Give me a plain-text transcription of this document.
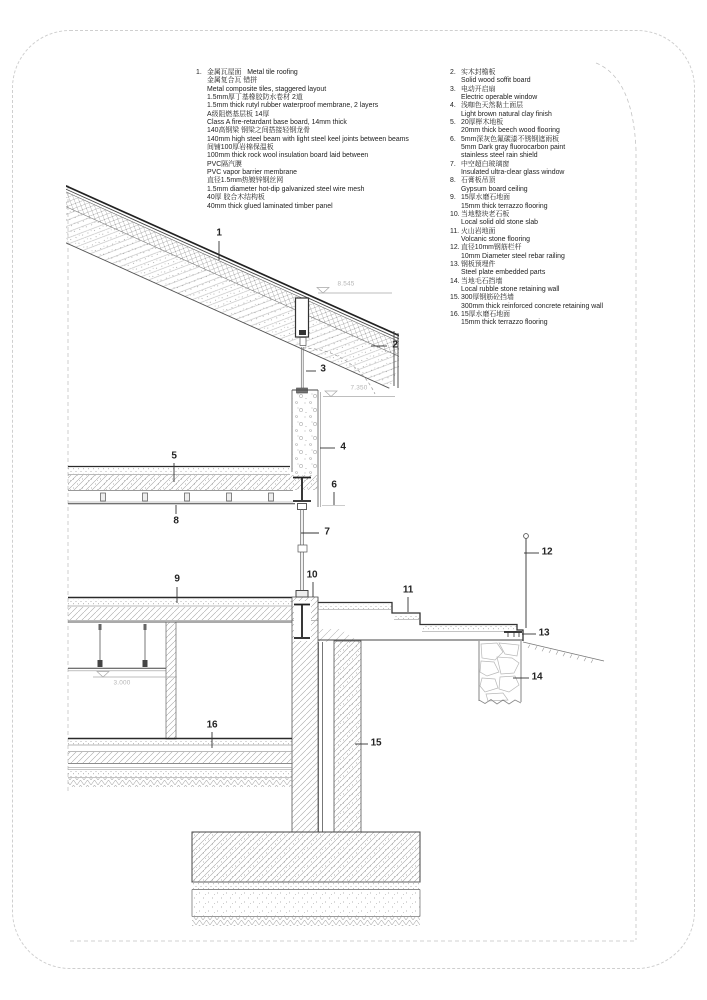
1. 金属瓦屋面   Metal tile roofing
金属复合瓦 错拼
Metal composite tiles, staggered layout
1.5mm厚丁基橡胶防水卷材 2道
1.5mm thick rutyl rubber waterproof membrane, 2 layers
A级阻燃基层板 14厚
Class A fire-retardant base board, 14mm thick
140高钢梁 钢梁之间搭接轻钢龙骨
140mm high steel beam with light steel keel joints between beams
间铺100厚岩棉保温板
100mm thick rock wool insulation board laid between
PVC隔汽膜
PVC vapor barrier membrane
直径1.5mm热镀锌钢丝网
1.5mm diameter hot-dip galvanized steel wire mesh
40厚 胶合木结构板
40mm thick glued laminated timber panel
2. 实木封檐板
Solid wood soffit board
3. 电动开启扇
Electric operable window
4. 浅咖色天然黏土面层
Light brown natural clay finish
5. 20厚榉木地板
20mm thick beech wood flooring
6. 5mm深灰色氟碳漆不锈钢遮雨板
5mm Dark gray fluorocarbon paint
stainless steel rain shield
7. 中空超白玻璃窗
Insulated ultra-clear glass window
8. 石膏板吊顶
Gypsum board ceiling
9. 15厚水磨石地面
15mm thick terrazzo flooring
10.当地整块老石板
Local solid old stone slab
11. 火山岩地面
Volcanic stone flooring
12.直径10mm钢筋栏杆
10mm Diameter steel rebar railing
13.钢板预埋件
Steel plate embedded parts
14.当地毛石挡墙
Local rubble stone retaining wall
15.300厚钢筋砼挡墙
300mm thick reinforced concrete retaining wall
16.15厚水磨石地面
15mm thick terrazzo flooring
1
2
3
4
5
6
7
8
9	10
11
12
13
14
15
16
8.545
7.350
3.000
